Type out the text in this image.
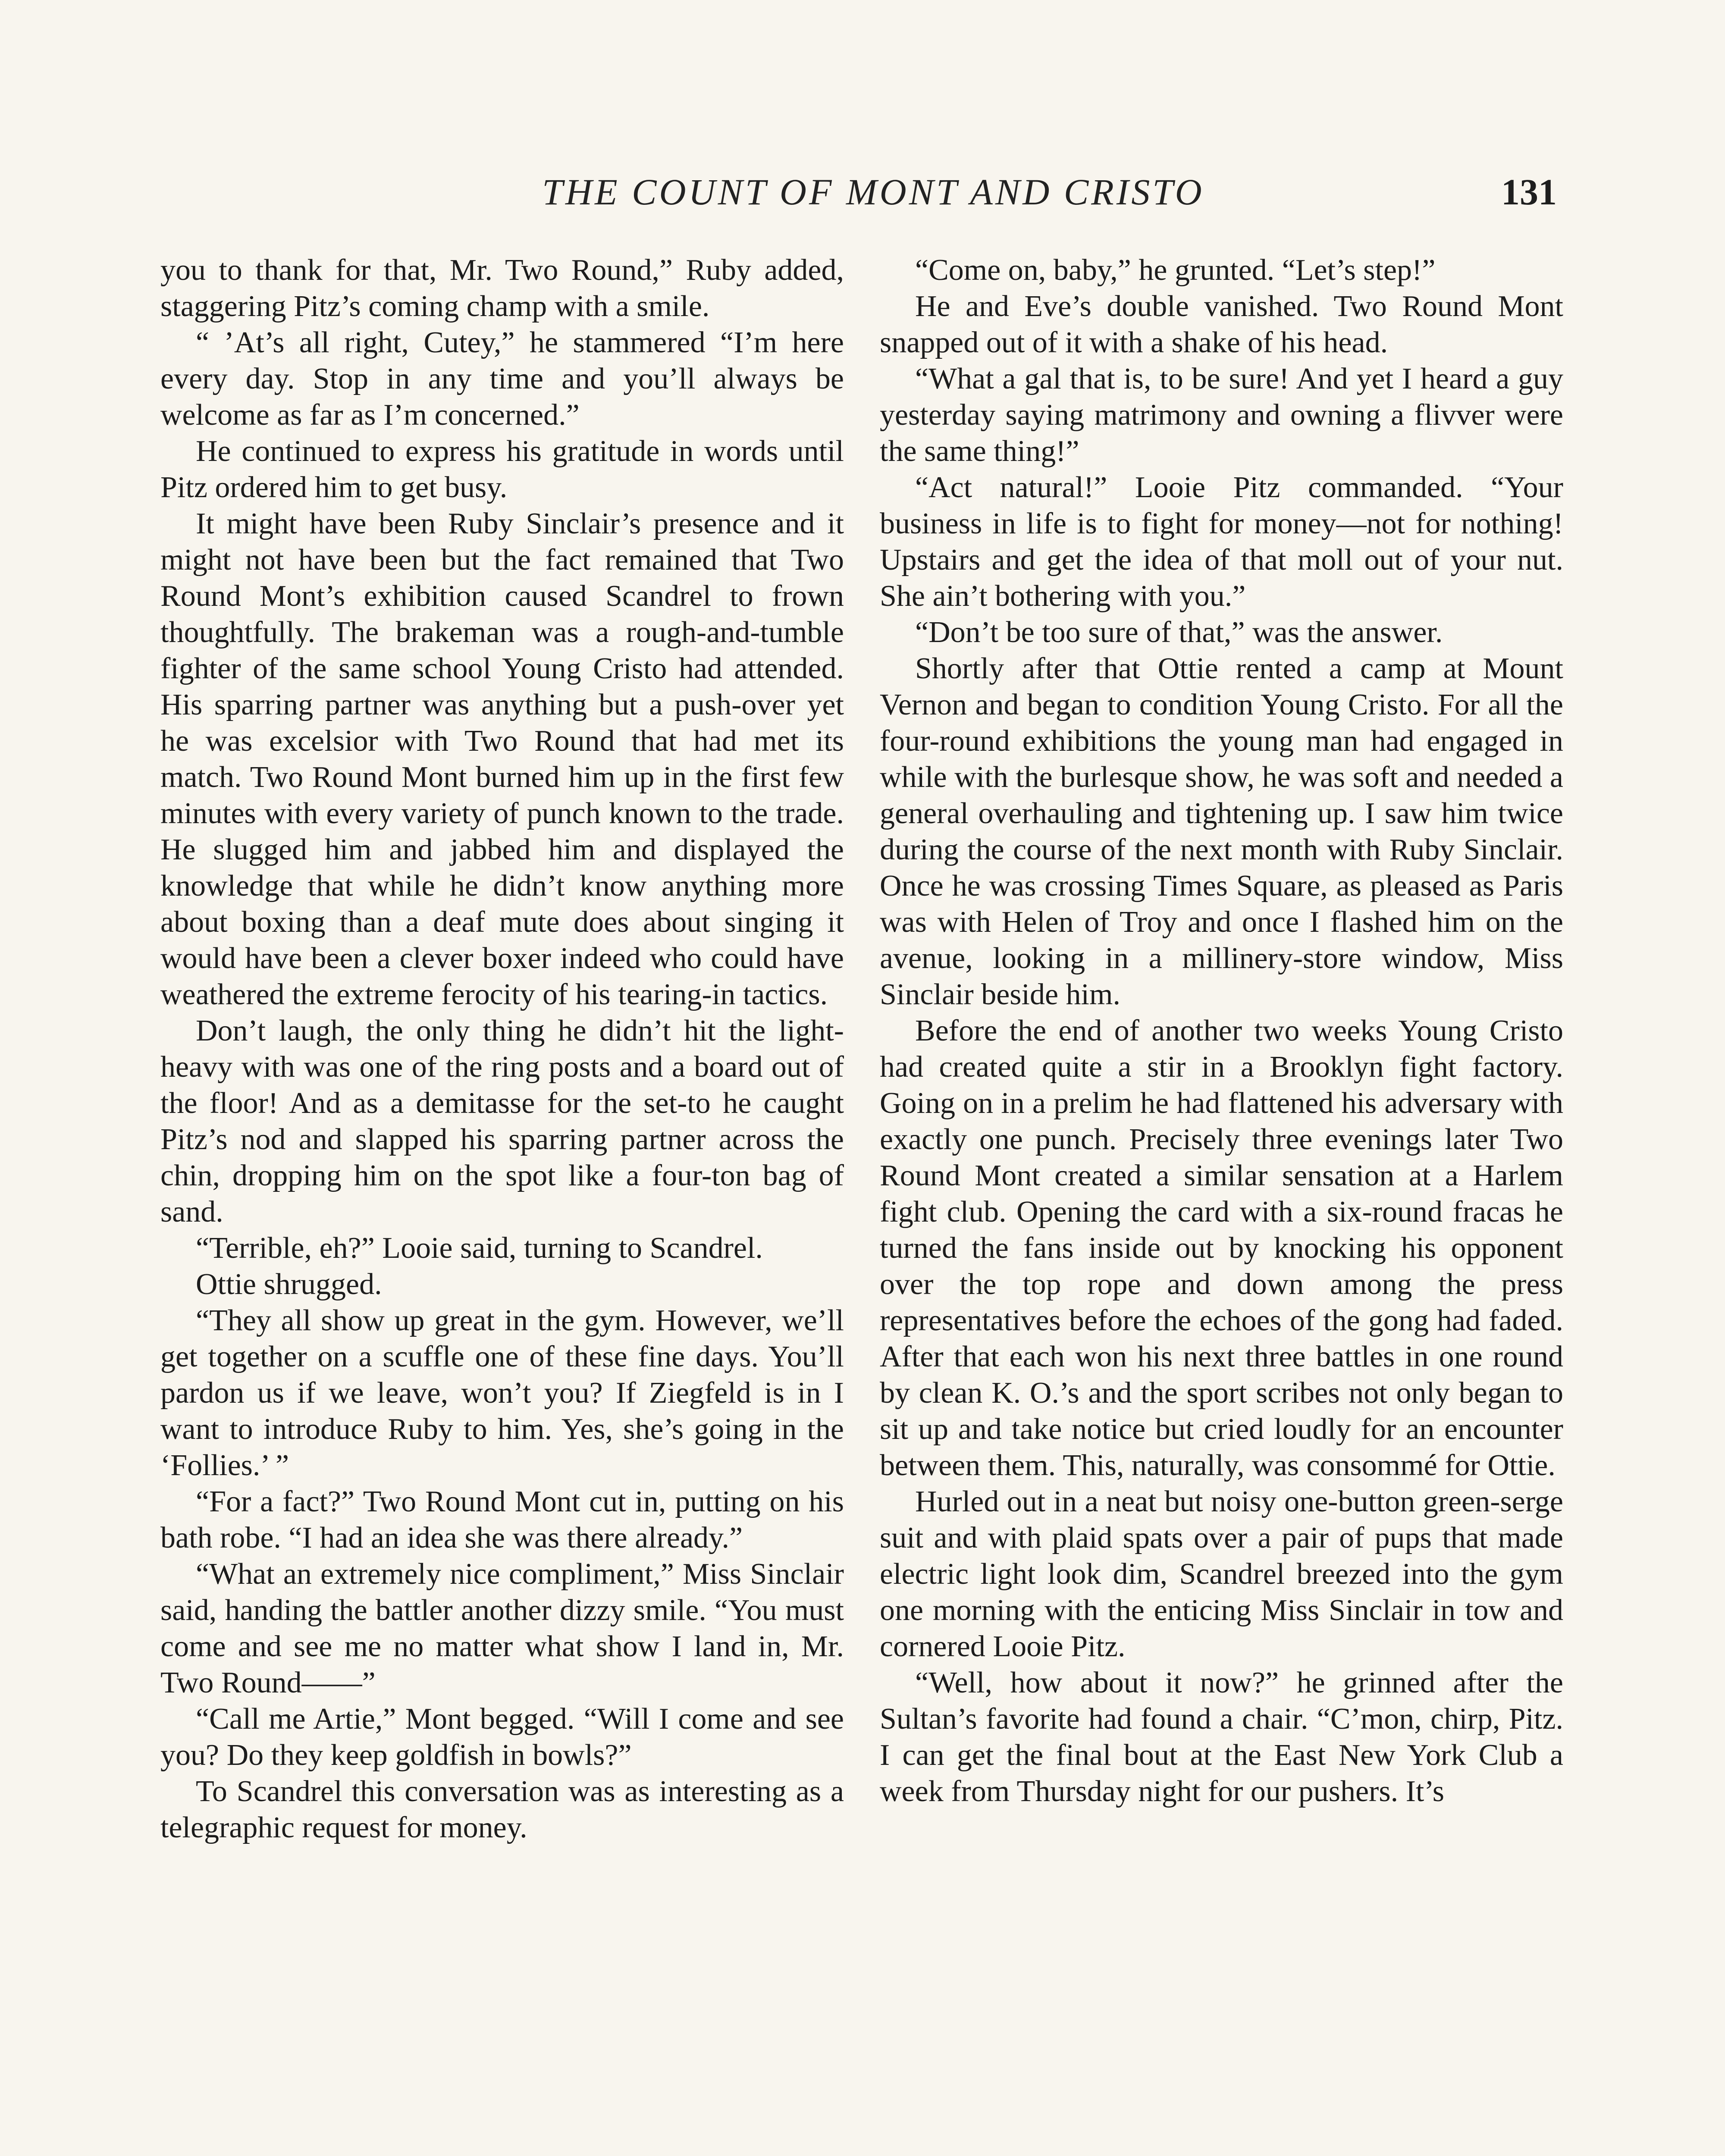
THE COUNT OF MONT AND CRISTO	131

you to thank for that, Mr. Two Round,” Ruby added, staggering Pitz’s coming champ with a smile.

“ ’At’s all right, Cutey,” he stammered “I’m here every day. Stop in any time and you’ll always be welcome as far as I’m concerned.”

He continued to express his gratitude in words until Pitz ordered him to get busy.

It might have been Ruby Sinclair’s presence and it might not have been but the fact remained that Two Round Mont’s exhibition caused Scandrel to frown thoughtfully. The brakeman was a rough-and-tumble fighter of the same school Young Cristo had attended. His sparring partner was anything but a push-over yet he was excelsior with Two Round that had met its match. Two Round Mont burned him up in the first few minutes with every variety of punch known to the trade. He slugged him and jabbed him and displayed the knowledge that while he didn’t know anything more about boxing than a deaf mute does about singing it would have been a clever boxer indeed who could have weathered the extreme ferocity of his tearing-in tactics.

Don’t laugh, the only thing he didn’t hit the light-heavy with was one of the ring posts and a board out of the floor! And as a demitasse for the set-to he caught Pitz’s nod and slapped his sparring partner across the chin, dropping him on the spot like a four-ton bag of sand.

“Terrible, eh?” Looie said, turning to Scandrel.

Ottie shrugged.

“They all show up great in the gym. However, we’ll get together on a scuffle one of these fine days. You’ll pardon us if we leave, won’t you? If Ziegfeld is in I want to introduce Ruby to him. Yes, she’s going in the ‘Follies.’ ”

“For a fact?” Two Round Mont cut in, putting on his bath robe. “I had an idea she was there already.”

“What an extremely nice compliment,” Miss Sinclair said, handing the battler another dizzy smile. “You must come and see me no matter what show I land in, Mr. Two Round——”

“Call me Artie,” Mont begged. “Will I come and see you? Do they keep goldfish in bowls?”

To Scandrel this conversation was as interesting as a telegraphic request for money.

“Come on, baby,” he grunted. “Let’s step!”

He and Eve’s double vanished. Two Round Mont snapped out of it with a shake of his head.

“What a gal that is, to be sure! And yet I heard a guy yesterday saying matrimony and owning a flivver were the same thing!”

“Act natural!” Looie Pitz commanded. “Your business in life is to fight for money—not for nothing! Upstairs and get the idea of that moll out of your nut. She ain’t bothering with you.”

“Don’t be too sure of that,” was the answer.

Shortly after that Ottie rented a camp at Mount Vernon and began to condition Young Cristo. For all the four-round exhibitions the young man had engaged in while with the burlesque show, he was soft and needed a general overhauling and tightening up. I saw him twice during the course of the next month with Ruby Sinclair. Once he was crossing Times Square, as pleased as Paris was with Helen of Troy and once I flashed him on the avenue, looking in a millinery-store window, Miss Sinclair beside him.

Before the end of another two weeks Young Cristo had created quite a stir in a Brooklyn fight factory. Going on in a prelim he had flattened his adversary with exactly one punch. Precisely three evenings later Two Round Mont created a similar sensation at a Harlem fight club. Opening the card with a six-round fracas he turned the fans inside out by knocking his opponent over the top rope and down among the press representatives before the echoes of the gong had faded. After that each won his next three battles in one round by clean K. O.’s and the sport scribes not only began to sit up and take notice but cried loudly for an encounter between them. This, naturally, was consommé for Ottie.

Hurled out in a neat but noisy one-button green-serge suit and with plaid spats over a pair of pups that made electric light look dim, Scandrel breezed into the gym one morning with the enticing Miss Sinclair in tow and cornered Looie Pitz.

“Well, how about it now?” he grinned after the Sultan’s favorite had found a chair. “C’mon, chirp, Pitz. I can get the final bout at the East New York Club a week from Thursday night for our pushers. It’s
